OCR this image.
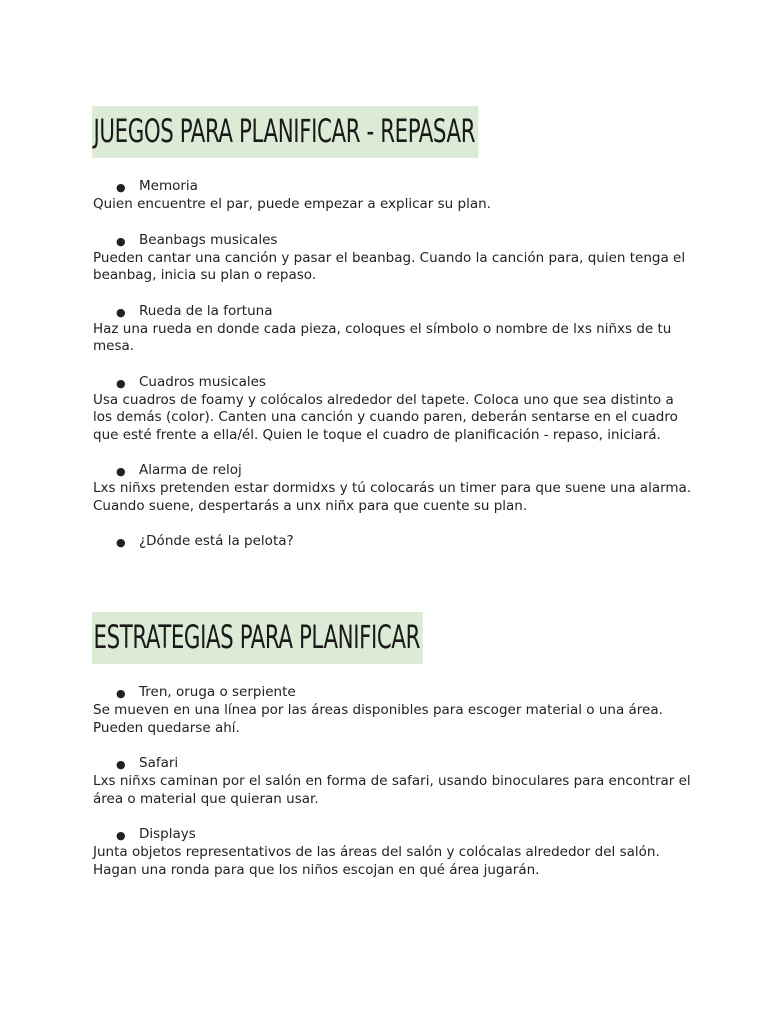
JUEGOS PARA PLANIFICAR - REPASAR
● Memoria
Quien encuentre el par, puede empezar a explicar su plan.
● Beanbags musicales
Pueden cantar una canción y pasar el beanbag. Cuando la canción para, quien tenga el beanbag, inicia su plan o repaso.
● Rueda de la fortuna
Haz una rueda en donde cada pieza, coloques el símbolo o nombre de lxs niñxs de tu mesa.
● Cuadros musicales
Usa cuadros de foamy y colócalos alrededor del tapete. Coloca uno que sea distinto a los demás (color). Canten una canción y cuando paren, deberán sentarse en el cuadro que esté frente a ella/él. Quien le toque el cuadro de planificación - repaso, iniciará.
● Alarma de reloj
Lxs niñxs pretenden estar dormidxs y tú colocarás un timer para que suene una alarma. Cuando suene, despertarás a unx niñx para que cuente su plan.
● ¿Dónde está la pelota?
ESTRATEGIAS PARA PLANIFICAR
● Tren, oruga o serpiente
Se mueven en una línea por las áreas disponibles para escoger material o una área. Pueden quedarse ahí.
● Safari
Lxs niñxs caminan por el salón en forma de safari, usando binoculares para encontrar el área o material que quieran usar.
● Displays
Junta objetos representativos de las áreas del salón y colócalas alrededor del salón. Hagan una ronda para que los niños escojan en qué área jugarán.
